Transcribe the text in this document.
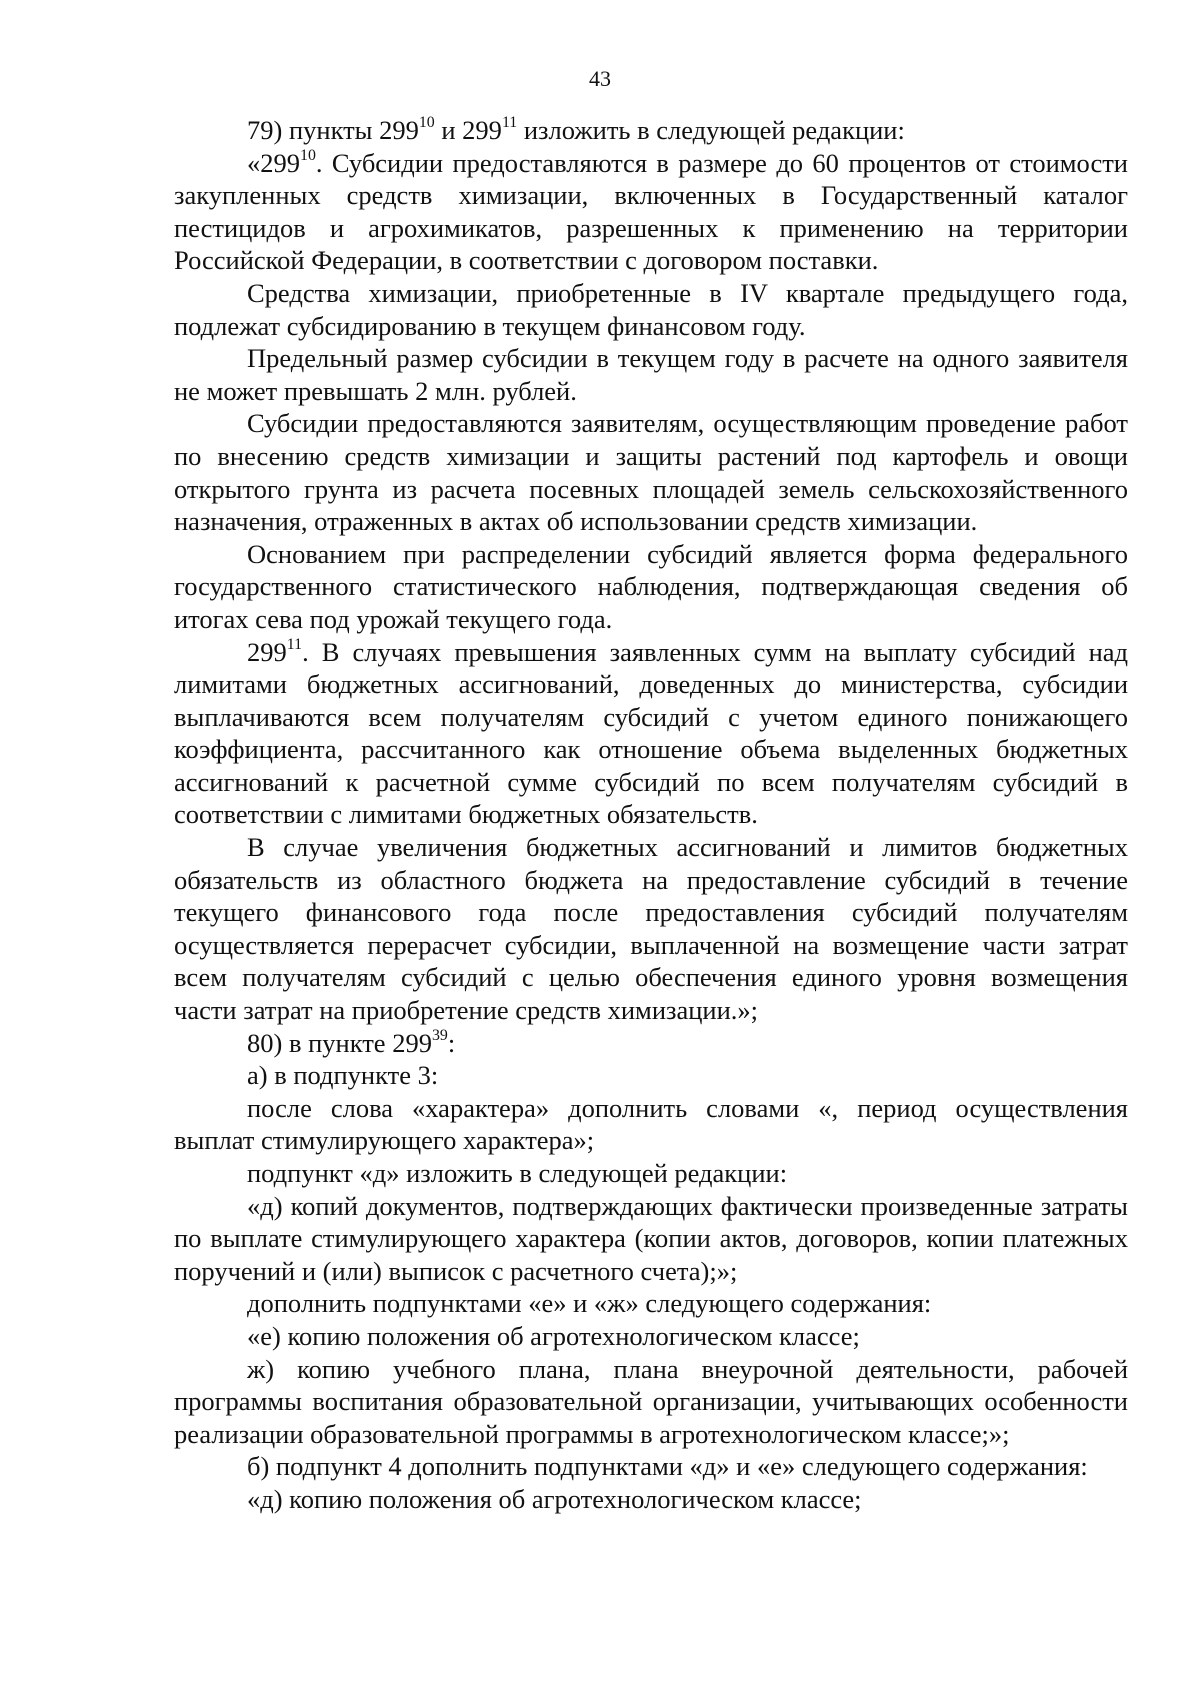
43

79) пункты $299^{10}$ и $299^{11}$ изложить в следующей редакции:

«$299^{10}$. Субсидии предоставляются в размере до 60 процентов от стоимости закупленных средств химизации, включенных в Государственный каталог пестицидов и агрохимикатов, разрешенных к применению на территории Российской Федерации, в соответствии с договором поставки.

Средства химизации, приобретенные в IV квартале предыдущего года, подлежат субсидированию в текущем финансовом году.

Предельный размер субсидии в текущем году в расчете на одного заявителя не может превышать 2 млн. рублей.

Субсидии предоставляются заявителям, осуществляющим проведение работ по внесению средств химизации и защиты растений под картофель и овощи открытого грунта из расчета посевных площадей земель сельскохозяйственного назначения, отраженных в актах об использовании средств химизации.

Основанием при распределении субсидий является форма федерального государственного статистического наблюдения, подтверждающая сведения об итогах сева под урожай текущего года.

$299^{11}$. В случаях превышения заявленных сумм на выплату субсидий над лимитами бюджетных ассигнований, доведенных до министерства, субсидии выплачиваются всем получателям субсидий с учетом единого понижающего коэффициента, рассчитанного как отношение объема выделенных бюджетных ассигнований к расчетной сумме субсидий по всем получателям субсидий в соответствии с лимитами бюджетных обязательств.

В случае увеличения бюджетных ассигнований и лимитов бюджетных обязательств из областного бюджета на предоставление субсидий в течение текущего финансового года после предоставления субсидий получателям осуществляется перерасчет субсидии, выплаченной на возмещение части затрат всем получателям субсидий с целью обеспечения единого уровня возмещения части затрат на приобретение средств химизации.»;

80) в пункте $299^{39}$:

а) в подпункте 3:

после слова «характера» дополнить словами «, период осуществления выплат стимулирующего характера»;

подпункт «д» изложить в следующей редакции:

«д) копий документов, подтверждающих фактически произведенные затраты по выплате стимулирующего характера (копии актов, договоров, копии платежных поручений и (или) выписок с расчетного счета);»;

дополнить подпунктами «е» и «ж» следующего содержания:

«е) копию положения об агротехнологическом классе;

ж) копию учебного плана, плана внеурочной деятельности, рабочей программы воспитания образовательной организации, учитывающих особенности реализации образовательной программы в агротехнологическом классе;»;

б) подпункт 4 дополнить подпунктами «д» и «е» следующего содержания:

«д) копию положения об агротехнологическом классе;
